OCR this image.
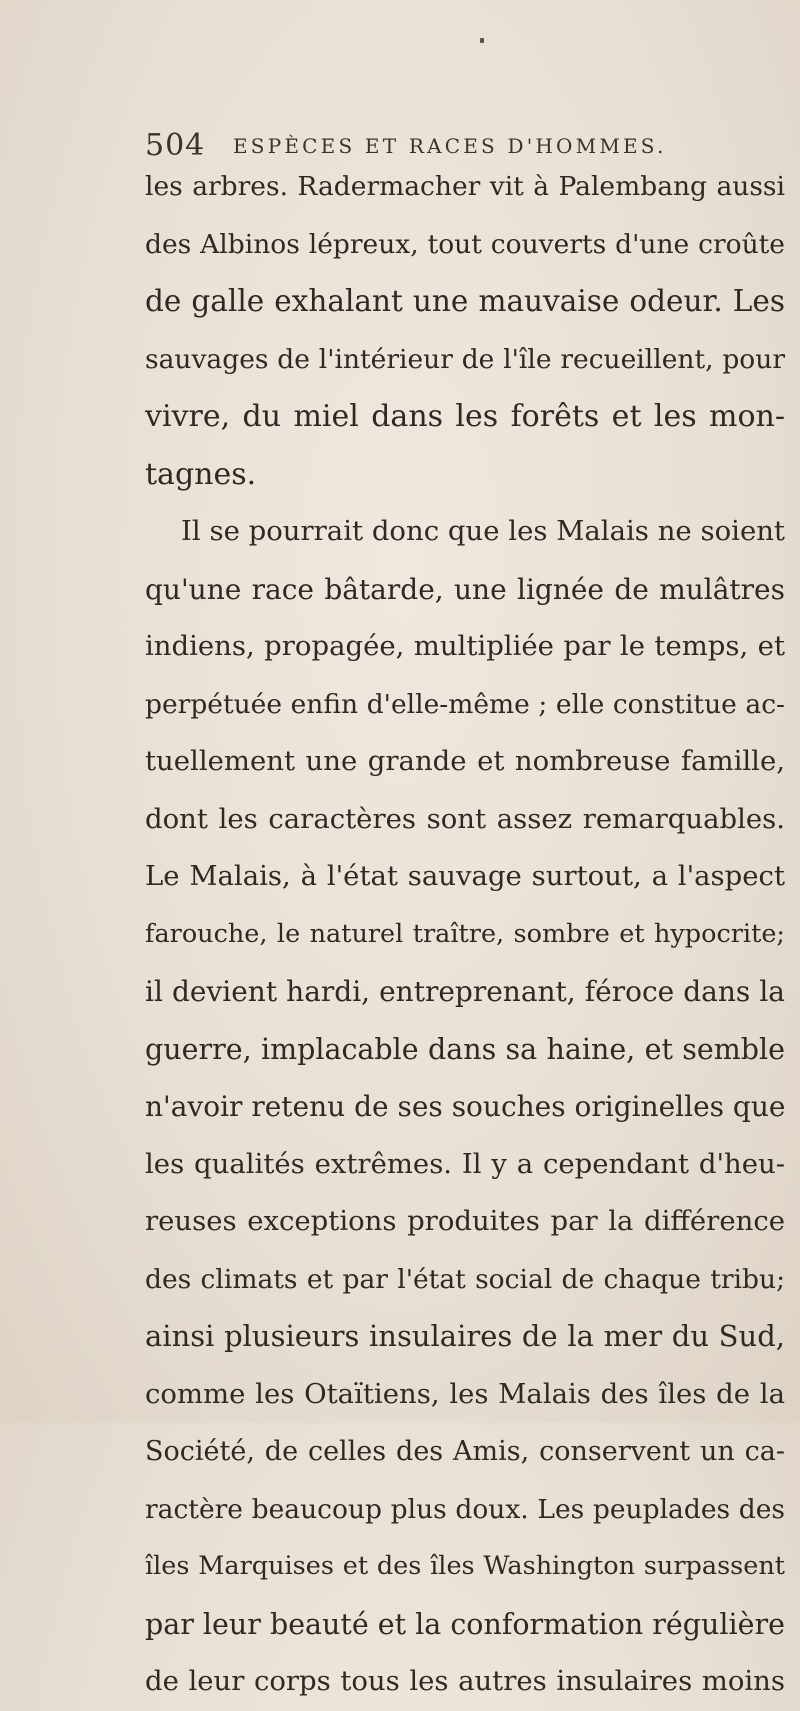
504 ESPÈCES ET RACES D'HOMMES.
les arbres. Radermacher vit à Palembang aussi
des Albinos lépreux, tout couverts d'une croûte
de galle exhalant une mauvaise odeur. Les
sauvages de l'intérieur de l'île recueillent, pour
vivre, du miel dans les forêts et les mon-
tagnes.
Il se pourrait donc que les Malais ne soient
qu'une race bâtarde, une lignée de mulâtres
indiens, propagée, multipliée par le temps, et
perpétuée enfin d'elle-même ; elle constitue ac-
tuellement une grande et nombreuse famille,
dont les caractères sont assez remarquables.
Le Malais, à l'état sauvage surtout, a l'aspect
farouche, le naturel traître, sombre et hypocrite;
il devient hardi, entreprenant, féroce dans la
guerre, implacable dans sa haine, et semble
n'avoir retenu de ses souches originelles que
les qualités extrêmes. Il y a cependant d'heu-
reuses exceptions produites par la différence
des climats et par l'état social de chaque tribu;
ainsi plusieurs insulaires de la mer du Sud,
comme les Otaïtiens, les Malais des îles de la
Société, de celles des Amis, conservent un ca-
ractère beaucoup plus doux. Les peuplades des
îles Marquises et des îles Washington surpassent
par leur beauté et la conformation régulière
de leur corps tous les autres insulaires moins
